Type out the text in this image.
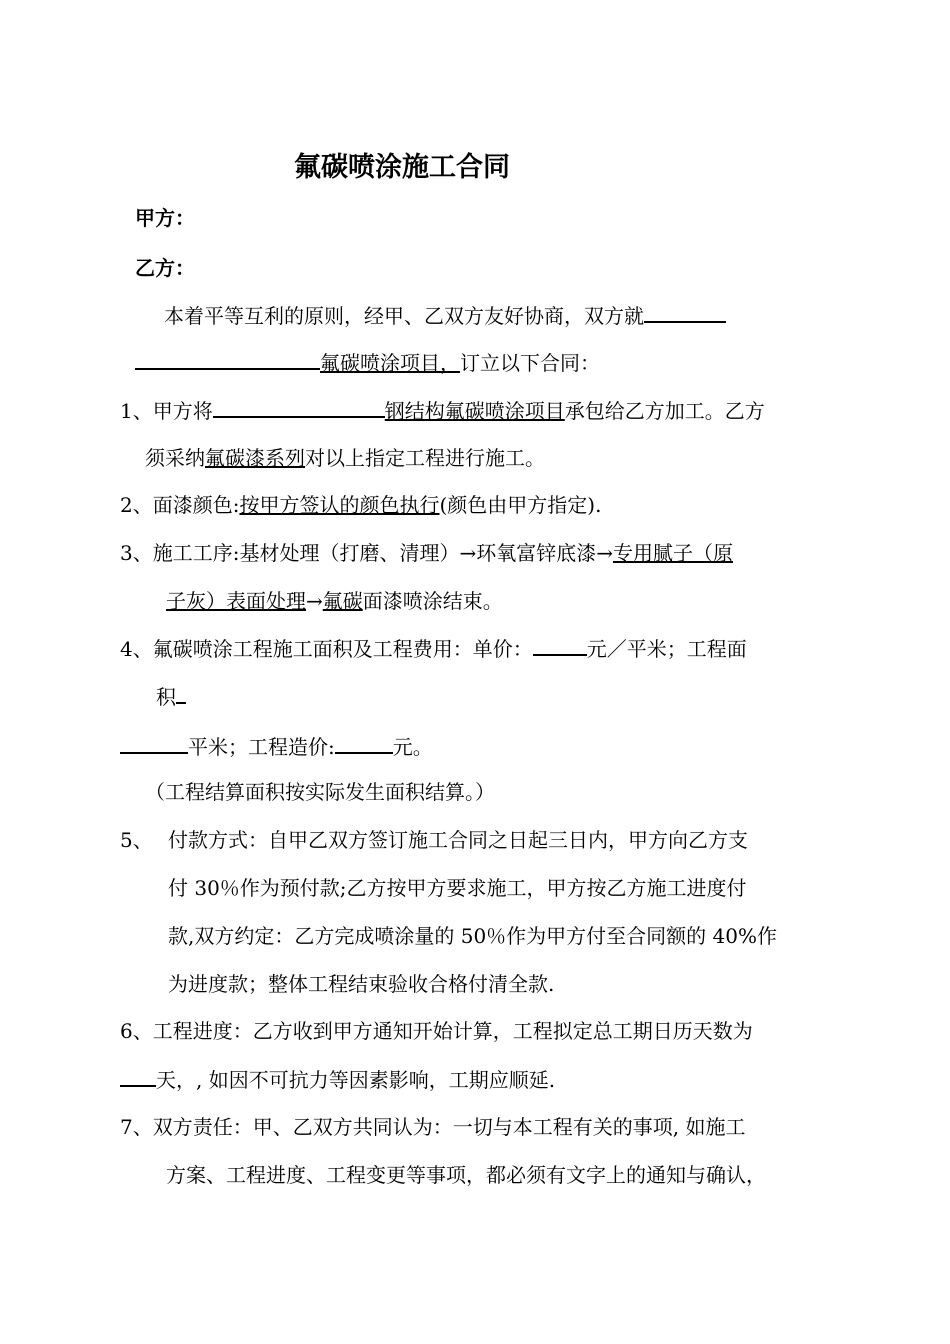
氟碳喷涂施工合同
甲方：
乙方：
本着平等互利的原则，经甲、乙双方友好协商，双方就
氟碳喷涂项目，订立以下合同：
1、甲方将	钢结构氟碳喷涂项目承包给乙方加工。乙方
须采纳氟碳漆系列对以上指定工程进行施工。
2、面漆颜色:按甲方签认的颜色执行(颜色由甲方指定).
3、施工工序:基材处理（打磨、清理）→环氧富锌底漆→专用腻子（原
子灰）表面处理→氟碳面漆喷涂结束。
4、氟碳喷涂工程施工面积及工程费用：单价：	元／平米；工程面
积
平米；工程造价:	元。
（工程结算面积按实际发生面积结算。）
5、 付款方式：自甲乙双方签订施工合同之日起三日内，甲方向乙方支
付 30％作为预付款;乙方按甲方要求施工，甲方按乙方施工进度付
款,双方约定：乙方完成喷涂量的 50％作为甲方付至合同额的 40%作
为进度款；整体工程结束验收合格付清全款.
6、工程进度：乙方收到甲方通知开始计算，工程拟定总工期日历天数为
天，, 如因不可抗力等因素影响，工期应顺延.
7、双方责任：甲、乙双方共同认为：一切与本工程有关的事项, 如施工
方案、工程进度、工程变更等事项，都必须有文字上的通知与确认，
